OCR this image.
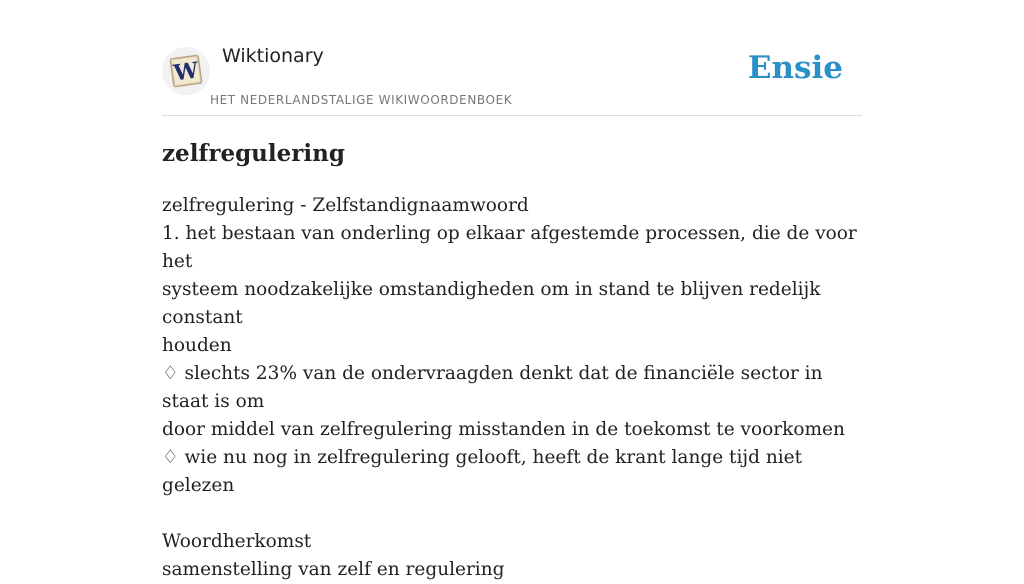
W
Wiktionary
HET NEDERLANDSTALIGE WIKIWOORDENBOEK
Ensie
zelfregulering
zelfregulering - Zelfstandignaamwoord
1. het bestaan van onderling op elkaar afgestemde processen, die de voor het
systeem noodzakelijke omstandigheden om in stand te blijven redelijk constant
houden
♢ slechts 23% van de ondervraagden denkt dat de financiële sector in staat is om
door middel van zelfregulering misstanden in de toekomst te voorkomen
♢ wie nu nog in zelfregulering gelooft, heeft de krant lange tijd niet gelezen
Woordherkomst
samenstelling van zelf en regulering
